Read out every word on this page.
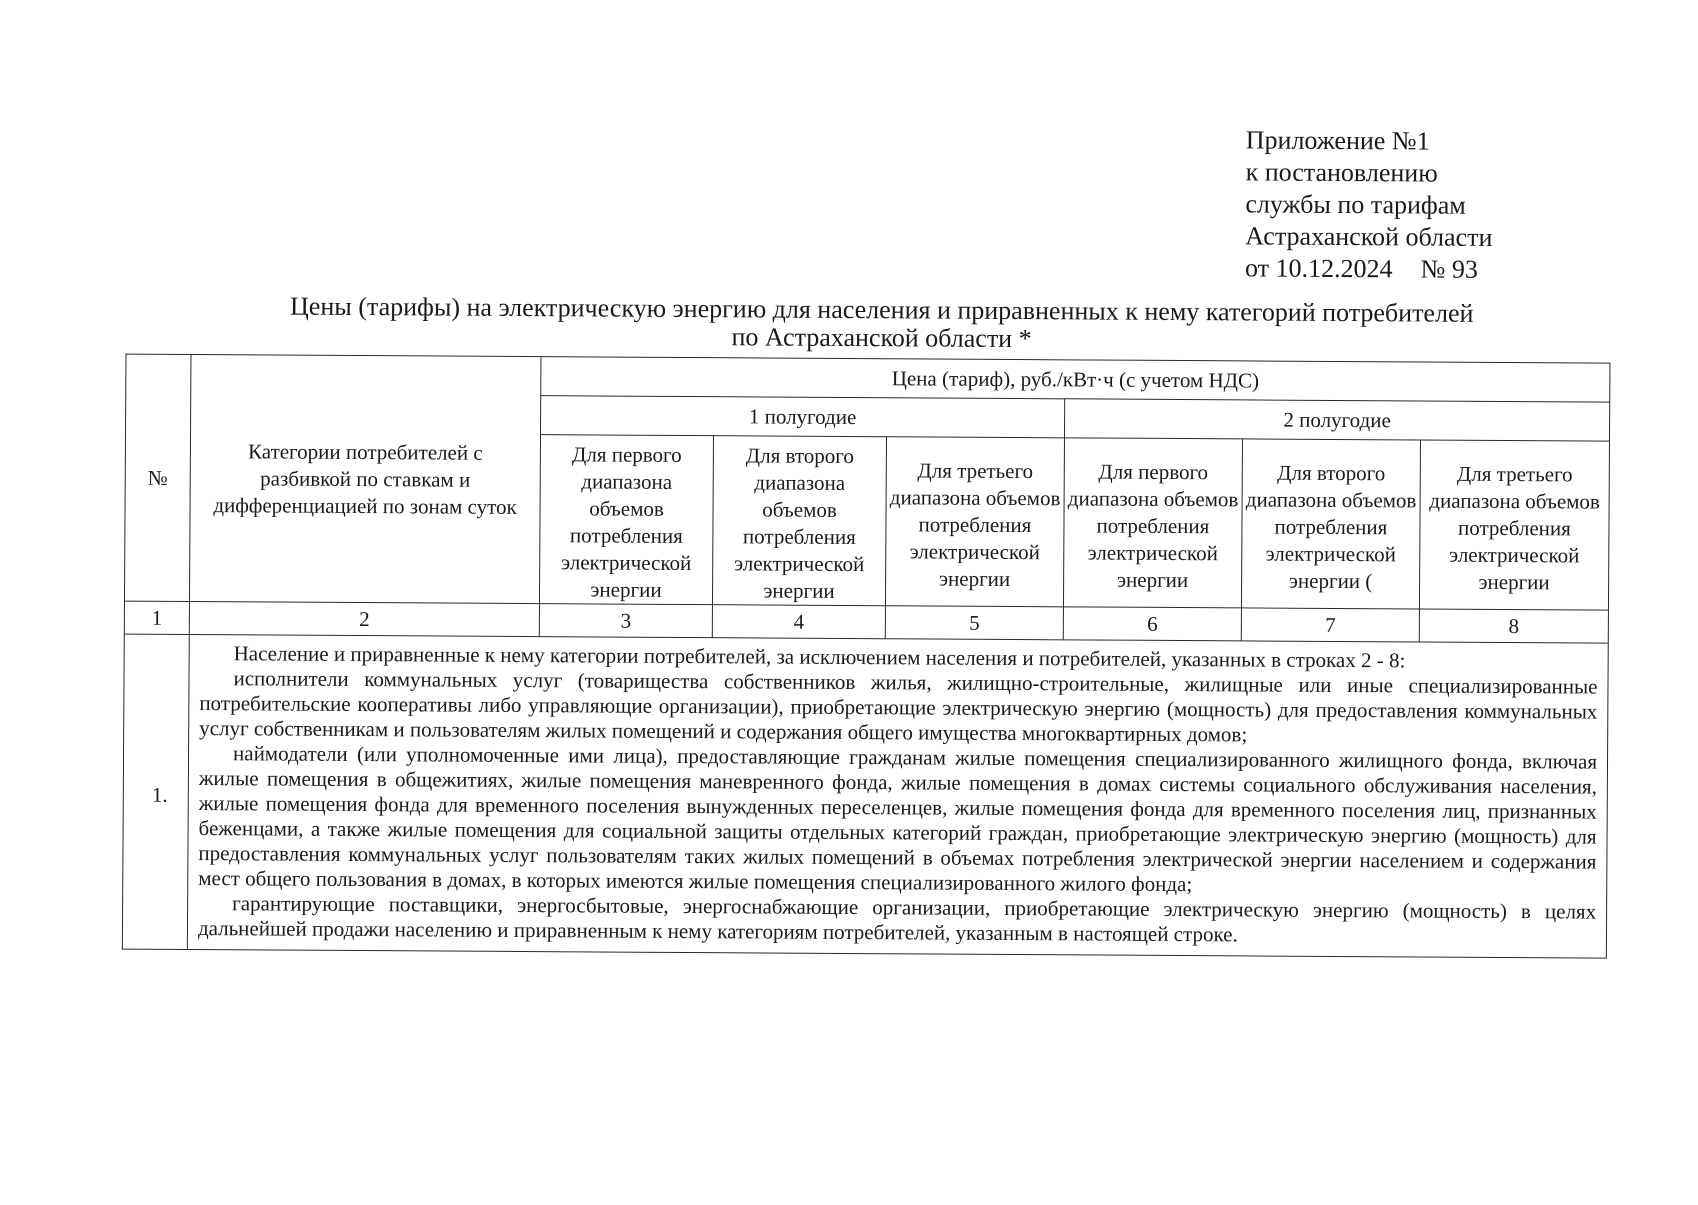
Приложение №1
к постановлению
службы по тарифам
Астраханской области
от 10.12.2024 № 93
Цены (тарифы) на электрическую энергию для населения и приравненных к нему категорий потребителей
по Астраханской области *
№	Категории потребителей с разбивкой по ставкам и дифференциацией по зонам суток	Цена (тариф), руб./кВт·ч (с учетом НДС)					
		1 полугодие			2 полугодие		
		Для первого диапазона объемов потребления электрической энергии	Для второго диапазона объемов потребления электрической энергии	Для третьего диапазона объемов потребления электрической энергии	Для первого диапазона объемов потребления электрической энергии	Для второго диапазона объемов потребления электрической энергии (	Для третьего диапазона объемов потребления электрической энергии
1	2	3	4	5	6	7	8
1.	Население и приравненные к нему категории потребителей, за исключением населения и потребителей, указанных в строках 2 - 8:
исполнители коммунальных услуг (товарищества собственников жилья, жилищно-строительные, жилищные или иные специализированные потребительские кооперативы либо управляющие организации), приобретающие электрическую энергию (мощность) для предоставления коммунальных услуг собственникам и пользователям жилых помещений и содержания общего имущества многоквартирных домов;
наймодатели (или уполномоченные ими лица), предоставляющие гражданам жилые помещения специализированного жилищного фонда, включая жилые помещения в общежитиях, жилые помещения маневренного фонда, жилые помещения в домах системы социального обслуживания населения, жилые помещения фонда для временного поселения вынужденных переселенцев, жилые помещения фонда для временного поселения лиц, признанных беженцами, а также жилые помещения для социальной защиты отдельных категорий граждан, приобретающие электрическую энергию (мощность) для предоставления коммунальных услуг пользователям таких жилых помещений в объемах потребления электрической энергии населением и содержания мест общего пользования в домах, в которых имеются жилые помещения специализированного жилого фонда;
гарантирующие поставщики, энергосбытовые, энергоснабжающие организации, приобретающие электрическую энергию (мощность) в целях дальнейшей продажи населению и приравненным к нему категориям потребителей, указанным в настоящей строке.						
